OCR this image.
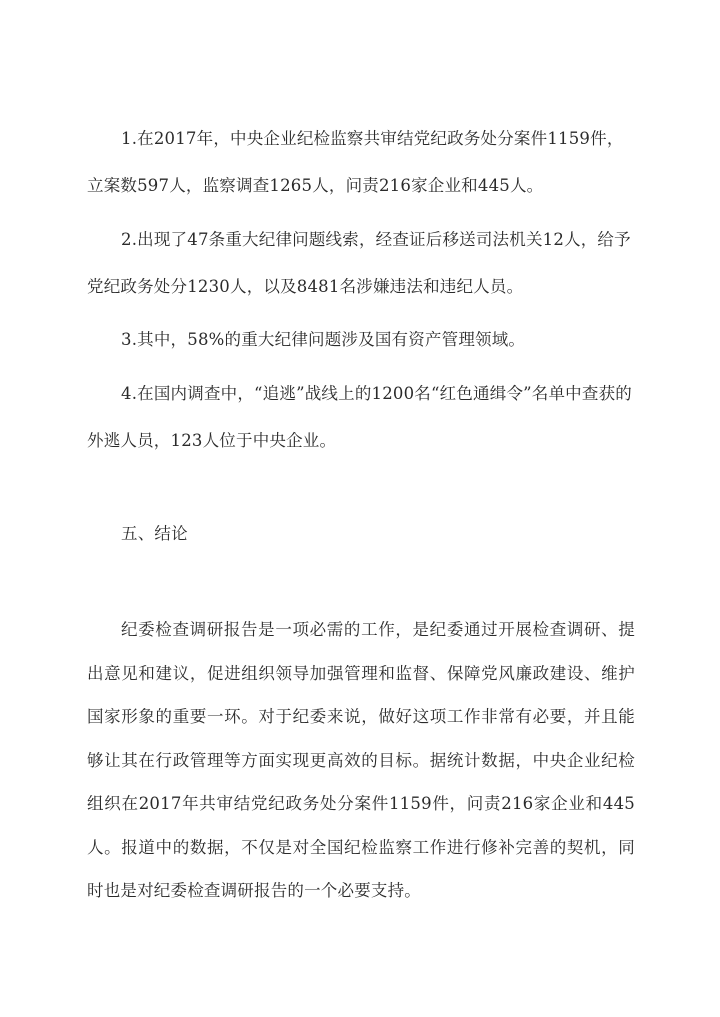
1.在2017年，中央企业纪检监察共审结党纪政务处分案件1159件，立案数597人，监察调查1265人，问责216家企业和445人。

2.出现了47条重大纪律问题线索，经查证后移送司法机关12人，给予党纪政务处分1230人，以及8481名涉嫌违法和违纪人员。

3.其中，58%的重大纪律问题涉及国有资产管理领域。

4.在国内调查中，“追逃”战线上的1200名“红色通缉令”名单中查获的外逃人员，123人位于中央企业。

五、结论

纪委检查调研报告是一项必需的工作，是纪委通过开展检查调研、提出意见和建议，促进组织领导加强管理和监督、保障党风廉政建设、维护国家形象的重要一环。对于纪委来说，做好这项工作非常有必要，并且能够让其在行政管理等方面实现更高效的目标。据统计数据，中央企业纪检组织在2017年共审结党纪政务处分案件1159件，问责216家企业和445人。报道中的数据，不仅是对全国纪检监察工作进行修补完善的契机，同时也是对纪委检查调研报告的一个必要支持。
